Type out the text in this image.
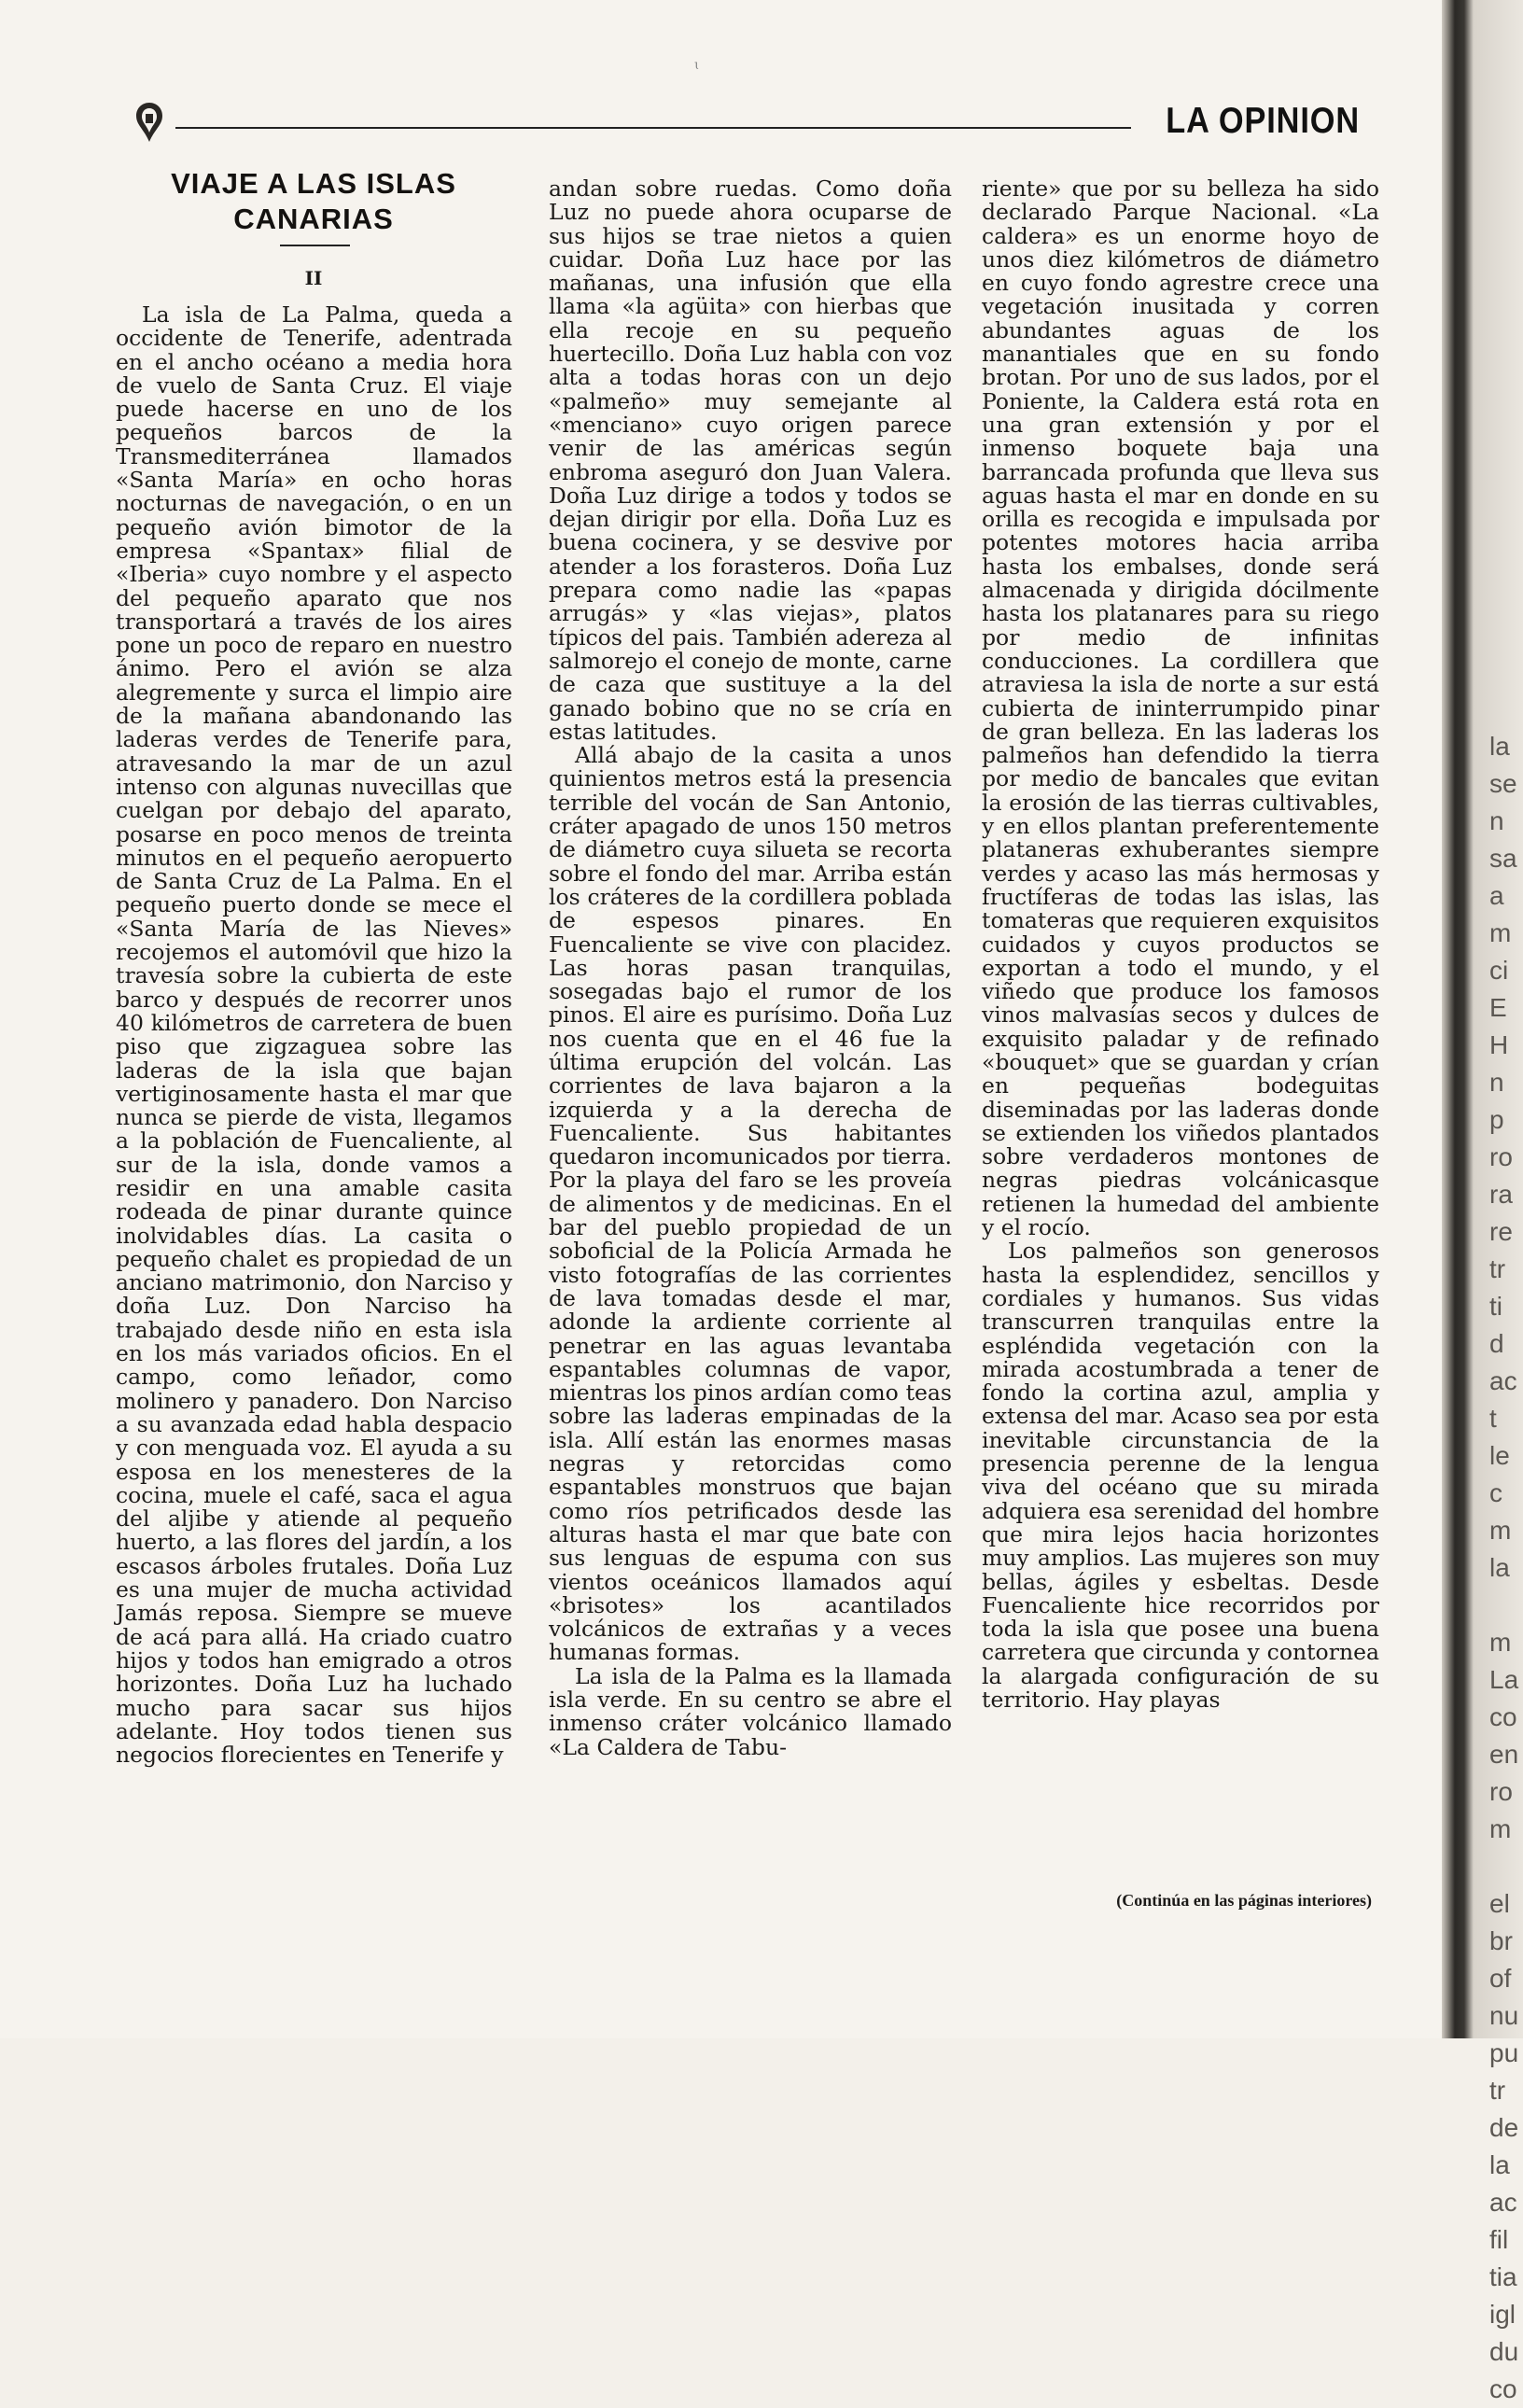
la
se
n
sa
a
m
ci
E
H
n
p
ro
ra
re
tr
ti
d
ac
t
le
c
m
la

m
La
co
en
ro
m

el
br
of
nu
pu
tr
de
la
ac
fil
tia
igl
du
co
ɩ
LA OPINION
VIAJE A LAS ISLAS
CANARIAS
II

La isla de La Palma, queda a occidente de Tenerife, adentrada en el ancho océano a media hora de vuelo de Santa Cruz. El viaje puede hacerse en uno de los pequeños barcos de la Transmediterránea llamados «Santa María» en ocho horas nocturnas de navegación, o en un pequeño avión bimotor de la empresa «Spantax» filial de «Iberia» cuyo nombre y el aspecto del pequeño aparato que nos transportará a través de los aires pone un poco de reparo en nuestro ánimo. Pero el avión se alza alegremente y surca el limpio aire de la mañana abandonando las laderas verdes de Tenerife para, atravesando la mar de un azul intenso con algunas nuvecillas que cuelgan por debajo del aparato, posarse en poco menos de treinta minutos en el pequeño aeropuerto de Santa Cruz de La Palma. En el pequeño puerto donde se mece el «Santa María de las Nieves» recojemos el automóvil que hizo la travesía sobre la cubierta de este barco y después de recorrer unos 40 kilómetros de carretera de buen piso que zigzaguea sobre las laderas de la isla que bajan vertiginosamente hasta el mar que nunca se pierde de vista, llegamos a la población de Fuencaliente, al sur de la isla, donde vamos a residir en una amable casita rodeada de pinar durante quince inolvidables días. La casita o pequeño chalet es propiedad de un anciano matrimonio, don Narciso y doña Luz. Don Narciso ha trabajado desde niño en esta isla en los más variados oficios. En el campo, como leñador, como molinero y panadero. Don Narciso a su avanzada edad habla despacio y con menguada voz. El ayuda a su esposa en los menesteres de la cocina, muele el café, saca el agua del aljibe y atiende al pequeño huerto, a las flores del jardín, a los escasos árboles frutales. Doña Luz es una mujer de mucha actividad Jamás reposa. Siempre se mueve de acá para allá. Ha criado cuatro hijos y todos han emigrado a otros horizontes. Doña Luz ha luchado mucho para sacar sus hijos adelante. Hoy todos tienen sus negocios florecientes en Tenerife y

andan sobre ruedas. Como doña Luz no puede ahora ocuparse de sus hijos se trae nietos a quien cuidar. Doña Luz hace por las mañanas, una infusión que ella llama «la agüita» con hierbas que ella recoje en su pequeño huertecillo. Doña Luz habla con voz alta a todas horas con un dejo «palmeño» muy semejante al «menciano» cuyo origen parece venir de las américas según enbroma aseguró don Juan Valera. Doña Luz dirige a todos y todos se dejan dirigir por ella. Doña Luz es buena cocinera, y se desvive por atender a los forasteros. Doña Luz prepara como nadie las «papas arrugás» y «las viejas», platos típicos del pais. También adereza al salmorejo el conejo de monte, carne de caza que sustituye a la del ganado bobino que no se cría en estas latitudes.

Allá abajo de la casita a unos quinientos metros está la presencia terrible del vocán de San Antonio, cráter apagado de unos 150 metros de diámetro cuya silueta se recorta sobre el fondo del mar. Arriba están los cráteres de la cordillera poblada de espesos pinares. En Fuencaliente se vive con placidez. Las horas pasan tranquilas, sosegadas bajo el rumor de los pinos. El aire es purísimo. Doña Luz nos cuenta que en el 46 fue la última erupción del volcán. Las corrientes de lava bajaron a la izquierda y a la derecha de Fuencaliente. Sus habitantes quedaron incomunicados por tierra. Por la playa del faro se les proveía de alimentos y de medicinas. En el bar del pueblo propiedad de un soboficial de la Policía Armada he visto fotografías de las corrientes de lava tomadas desde el mar, adonde la ardiente corriente al penetrar en las aguas levantaba espantables columnas de vapor, mientras los pinos ardían como teas sobre las laderas empinadas de la isla. Allí están las enormes masas negras y retorcidas como espantables monstruos que bajan como ríos petrificados desde las alturas hasta el mar que bate con sus lenguas de espuma con sus vientos oceánicos llamados aquí «brisotes» los acantilados volcánicos de extrañas y a veces humanas formas.

La isla de la Palma es la llamada isla verde. En su centro se abre el inmenso cráter volcánico llamado «La Caldera de Tabu-

riente» que por su belleza ha sido declarado Parque Nacional. «La caldera» es un enorme hoyo de unos diez kilómetros de diámetro en cuyo fondo agrestre crece una vegetación inusitada y corren abundantes aguas de los manantiales que en su fondo brotan. Por uno de sus lados, por el Poniente, la Caldera está rota en una gran extensión y por el inmenso boquete baja una barrancada profunda que lleva sus aguas hasta el mar en donde en su orilla es recogida e impulsada por potentes motores hacia arriba hasta los embalses, donde será almacenada y dirigida dócilmente hasta los platanares para su riego por medio de infinitas conducciones. La cordillera que atraviesa la isla de norte a sur está cubierta de ininterrumpido pinar de gran belleza. En las laderas los palmeños han defendido la tierra por medio de bancales que evitan la erosión de las tierras cultivables, y en ellos plantan preferentemente plataneras exhuberantes siempre verdes y acaso las más hermosas y fructíferas de todas las islas, las tomateras que requieren exquisitos cuidados y cuyos productos se exportan a todo el mundo, y el viñedo que produce los famosos vinos malvasías secos y dulces de exquisito paladar y de refinado «bouquet» que se guardan y crían en pequeñas bodeguitas diseminadas por las laderas donde se extienden los viñedos plantados sobre verdaderos montones de negras piedras volcánicasque retienen la humedad del ambiente y el rocío.

Los palmeños son generosos hasta la esplendidez, sencillos y cordiales y humanos. Sus vidas transcurren tranquilas entre la espléndida vegetación con la mirada acostumbrada a tener de fondo la cortina azul, amplia y extensa del mar. Acaso sea por esta inevitable circunstancia de la presencia perenne de la lengua viva del océano que su mirada adquiera esa serenidad del hombre que mira lejos hacia horizontes muy amplios. Las mujeres son muy bellas, ágiles y esbeltas. Desde Fuencaliente hice recorridos por toda la isla que posee una buena carretera que circunda y contornea la alargada configuración de su territorio. Hay playas

(Continúa en las páginas interiores)
